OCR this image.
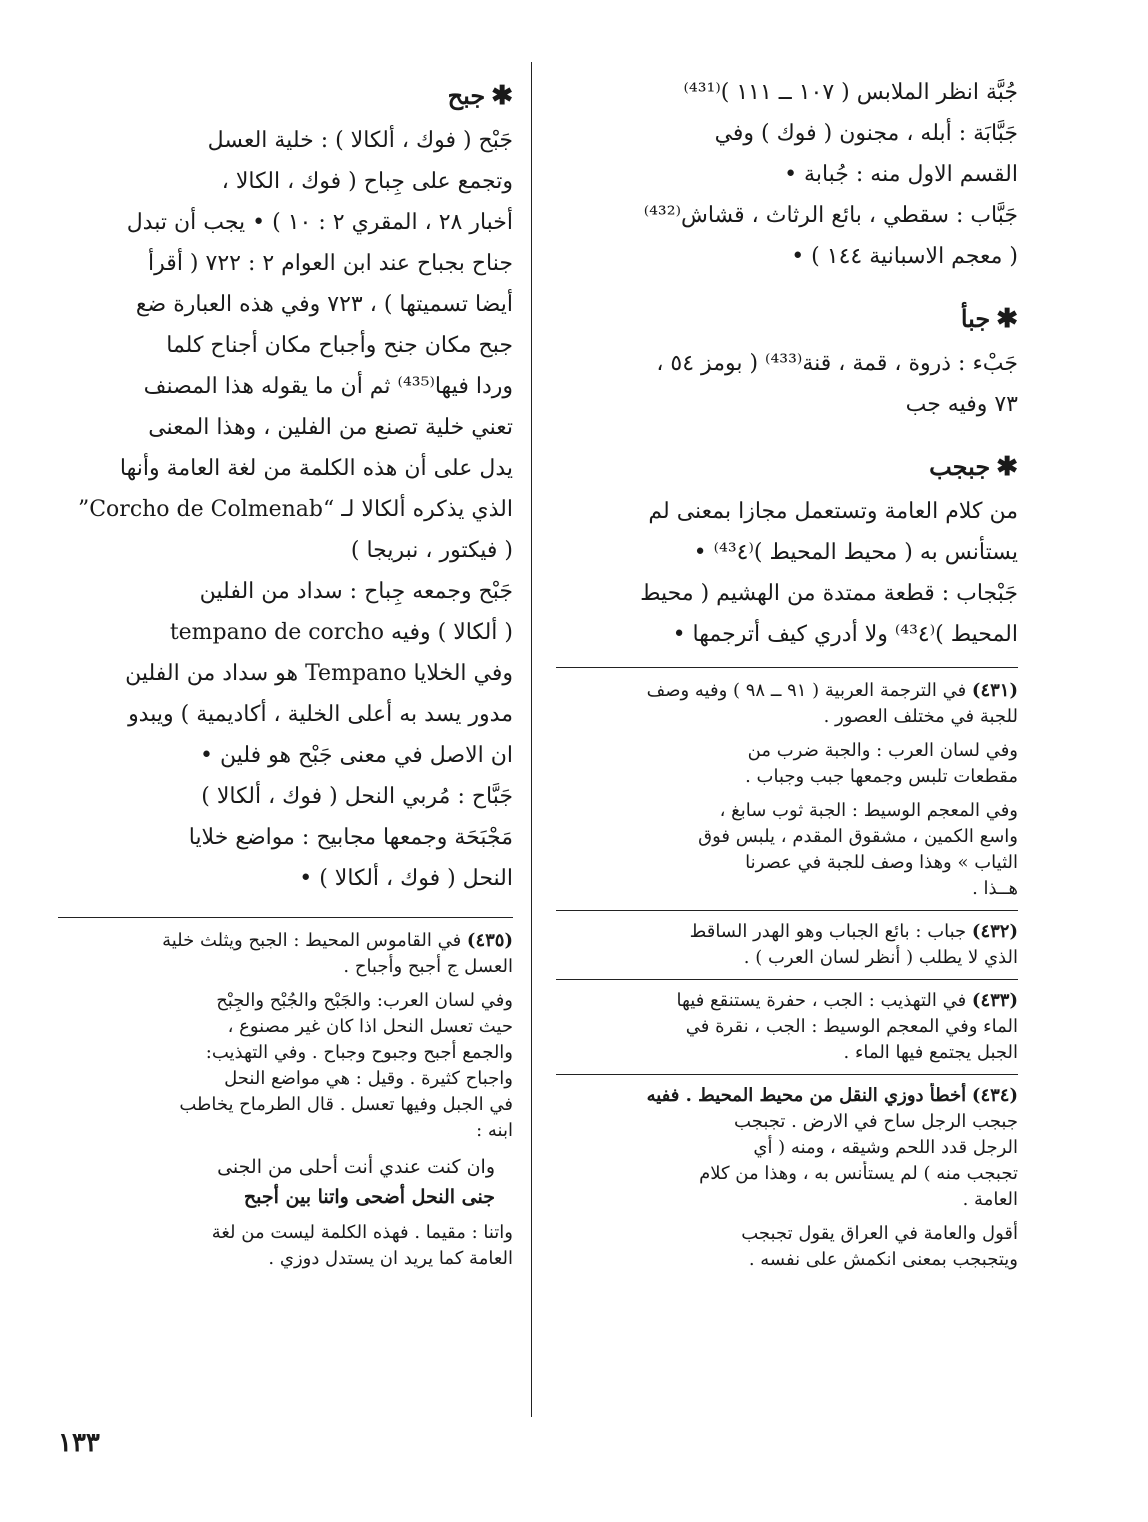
جُبَّة انظر الملابس ( ١٠٧ ــ ١١١ )⁽⁴³¹⁾
جَبَّابَة : أبله ، مجنون ( فوك ) وفي
القسم الاول منه : جُبابة •
جَبَّاب : سقطي ، بائع الرثاث ، قشاش⁽⁴³²⁾
( معجم الاسبانية ١٤٤ ) •
✱جبأ
جَبْء : ذروة ، قمة ، قنة⁽⁴³³⁾ ( بومز ٥٤ ،
٧٣ وفيه جب
✱جبجب
من كلام العامة وتستعمل مجازا بمعنى لم
يستأنس به ( محيط المحيط )⁽⁴³٤⁾ •
جَبْجاب : قطعة ممتدة من الهشيم ( محيط
المحيط )⁽⁴³٤⁾ ولا أدري كيف أترجمها •
(٤٣١) في الترجمة العربية ( ٩١ ــ ٩٨ ) وفيه وصف
للجبة في مختلف العصور .
وفي لسان العرب : والجبة ضرب من
مقطعات تلبس وجمعها جبب وجباب .
وفي المعجم الوسيط : الجبة ثوب سابغ ،
واسع الكمين ، مشقوق المقدم ، يلبس فوق
الثياب » وهذا وصف للجبة في عصرنا
هــذا .
(٤٣٢) جباب : بائع الجباب وهو الهدر الساقط
الذي لا يطلب ( أنظر لسان العرب ) .
(٤٣٣) في التهذيب : الجب ، حفرة يستنقع فيها
الماء وفي المعجم الوسيط : الجب ، نقرة في
الجبل يجتمع فيها الماء .
(٤٣٤) أخطأ دوزي النقل من محيط المحيط . ففيه
جبجب الرجل ساح في الارض . تجبجب
الرجل قدد اللحم وشيقه ، ومنه ( أي
تجبجب منه ) لم يستأنس به ، وهذا من كلام
العامة .
أقول والعامة في العراق يقول تجبجب
ويتجبجب بمعنى انكمش على نفسه .
✱جبح
جَبْح ( فوك ، ألكالا ) : خلية العسل
وتجمع على جِباح ( فوك ، الكالا ،
أخبار ٢٨ ، المقري ٢ : ١٠ ) • يجب أن تبدل
جناح بجباح عند ابن العوام ٢ : ٧٢٢ ( أقرأ
أيضا تسميتها ) ، ٧٢٣ وفي هذه العبارة ضع
جبح مكان جنح وأجباح مكان أجناح كلما
وردا فيها⁽⁴³⁵⁾ ثم أن ما يقوله هذا المصنف
تعني خلية تصنع من الفلين ، وهذا المعنى
يدل على أن هذه الكلمة من لغة العامة وأنها
الذي يذكره ألكالا لـ “Corcho de Colmenab”
( فيكتور ، نبريجا )
جَبْح وجمعه جِباح : سداد من الفلين
( ألكالا ) وفيه tempano de corcho
وفي الخلايا Tempano هو سداد من الفلين
مدور يسد به أعلى الخلية ، أكاديمية ) ويبدو
ان الاصل في معنى جَبْح هو فلين •
جَبَّاح : مُربي النحل ( فوك ، ألكالا )
مَجْبَحَة وجمعها مجابيح : مواضع خلايا
النحل ( فوك ، ألكالا ) •
(٤٣٥) في القاموس المحيط : الجبح ويثلث خلية
العسل ج أجبح وأجباح .
وفي لسان العرب: والجَبْح والجُبْح والجِبْح
حيث تعسل النحل اذا كان غير مصنوع ،
والجمع أجبح وجبوح وجباح . وفي التهذيب:
واجباح كثيرة . وقيل : هي مواضع النحل
في الجبل وفيها تعسل . قال الطرماح يخاطب
ابنه :
وان كنت عندي أنت أحلى من الجنى
جنى النحل أضحى واتنا بين أجبح
واتنا : مقيما . فهذه الكلمة ليست من لغة
العامة كما يريد ان يستدل دوزي .
١٣٣
